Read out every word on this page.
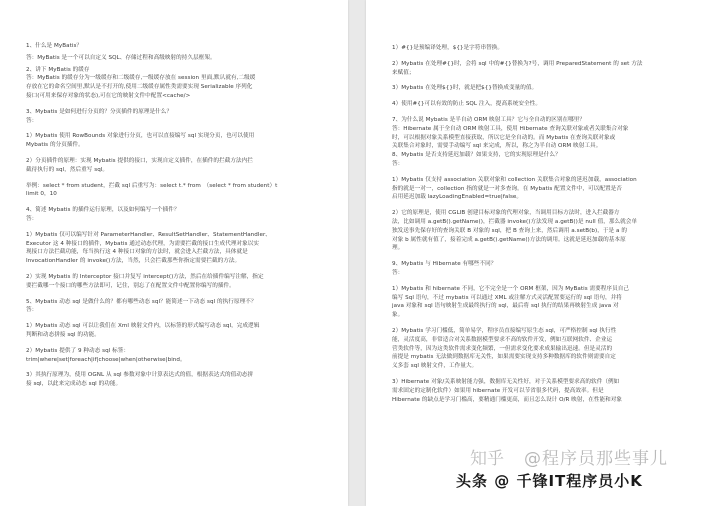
1、什么是 MyBatis？

答：MyBatis 是一个可以自定义 SQL、存储过程和高级映射的持久层框架。

2、讲下 MyBatis 的缓存

答：MyBatis 的缓存分为一级缓存和二级缓存,一级缓存放在 session 里面,默认就有,二级缓
存放在它的命名空间里,默认是不打开的,使用二级缓存属性类需要实现 Serializable 序列化
接口(可用来保存对象的状态),可在它的映射文件中配置<cache/>

3、Mybatis 是如何进行分页的？分页插件的原理是什么？
答：

1）Mybatis 使用 RowBounds 对象进行分页，也可以直接编写 sql 实现分页，也可以使用
Mybatis 的分页插件。

2）分页插件的原理：实现 Mybatis 提供的接口，实现自定义插件，在插件的拦截方法内拦
截待执行的 sql，然后重写 sql。

举例：select * from student，拦截 sql 后重写为：select t.* from　（select * from student）t
limit 0，10

4、简述 Mybatis 的插件运行原理，以及如何编写一个插件？
答：

1）Mybatis 仅可以编写针对 ParameterHandler、ResultSetHandler、StatementHandler、
Executor 这 4 种接口的插件，Mybatis 通过动态代理，为需要拦截的接口生成代理对象以实
现接口方法拦截功能，每当执行这 4 种接口对象的方法时，就会进入拦截方法，具体就是
InvocationHandler 的 invoke()方法，当然，只会拦截那些你指定需要拦截的方法。

2）实现 Mybatis 的 Interceptor 接口并复写 intercept()方法，然后在给插件编写注解，指定
要拦截哪一个接口的哪些方法即可，记住，别忘了在配置文件中配置你编写的插件。

5、Mybatis 动态 sql 是做什么的？都有哪些动态 sql？能简述一下动态 sql 的执行原理不？
答：

1）Mybatis 动态 sql 可以让我们在 Xml 映射文件内，以标签的形式编写动态 sql，完成逻辑
判断和动态拼接 sql 的功能。

2）Mybatis 提供了 9 种动态 sql 标签：
trim|where|set|foreach|if|choose|when|otherwise|bind。

3）其执行原理为，使用 OGNL 从 sql 参数对象中计算表达式的值，根据表达式的值动态拼
接 sql，以此来完成动态 sql 的功能。

1）#{}是预编译处理，${}是字符串替换。

2）Mybatis 在处理#{}时，会将 sql 中的#{}替换为?号，调用 PreparedStatement 的 set 方法
来赋值；

3）Mybatis 在处理${}时，就是把${}替换成变量的值。

4）使用#{}可以有效的防止 SQL 注入，提高系统安全性。

7、为什么说 Mybatis 是半自动 ORM 映射工具？它与全自动的区别在哪里？
答：Hibernate 属于全自动 ORM 映射工具，使用 Hibernate 查询关联对象或者关联集合对象
时，可以根据对象关系模型直接获取，所以它是全自动的。而 Mybatis 在查询关联对象或
关联集合对象时，需要手动编写 sql 来完成，所以，称之为半自动 ORM 映射工具。

8、Mybatis 是否支持延迟加载？如果支持，它的实现原理是什么？
答：

1）Mybatis 仅支持 association 关联对象和 collection 关联集合对象的延迟加载，association
指的就是一对一，collection 指的就是一对多查询。在 Mybatis 配置文件中，可以配置是否
启用延迟加载 lazyLoadingEnabled=true|false。

2）它的原理是，使用 CGLIB 创建目标对象的代理对象，当调用目标方法时，进入拦截器方
法，比如调用 a.getB().getName()，拦截器 invoke()方法发现 a.getB()是 null 值，那么就会单
独发送事先保存好的查询关联 B 对象的 sql，把 B 查询上来，然后调用 a.setB(b)，于是 a 的
对象 b 属性就有值了，接着完成 a.getB().getName()方法的调用。这就是延迟加载的基本原
理。

9、Mybatis 与 Hibernate 有哪些不同？
答：

1）Mybatis 和 hibernate 不同，它不完全是一个 ORM 框架，因为 MyBatis 需要程序员自己
编写 Sql 语句，不过 mybatis 可以通过 XML 或注解方式灵活配置要运行的 sql 语句，并将
java 对象和 sql 语句映射生成最终执行的 sql，最后将 sql 执行的结果再映射生成 java 对
象。

2）Mybatis 学习门槛低，简单易学，程序员直接编写原生态 sql，可严格控制 sql 执行性
能，灵活度高，非常适合对关系数据模型要求不高的软件开发，例如互联网软件、企业运
营类软件等，因为这类软件需求变化频繁，一但需求变化要求成果输出迅速。但是灵活的
前提是 mybatis 无法做到数据库无关性，如果需要实现支持多种数据库的软件则需要自定
义多套 sql 映射文件，工作量大。

3）Hibernate 对象/关系映射能力强，数据库无关性好，对于关系模型要求高的软件（例如
需求固定的定制化软件）如果用 hibernate 开发可以节省很多代码，提高效率。但是
Hibernate 的缺点是学习门槛高，要精通门槛更高，而且怎么设计 O/R 映射，在性能和对象

知乎 @程序员那些事儿
头条 @ 千锋IT程序员小K
